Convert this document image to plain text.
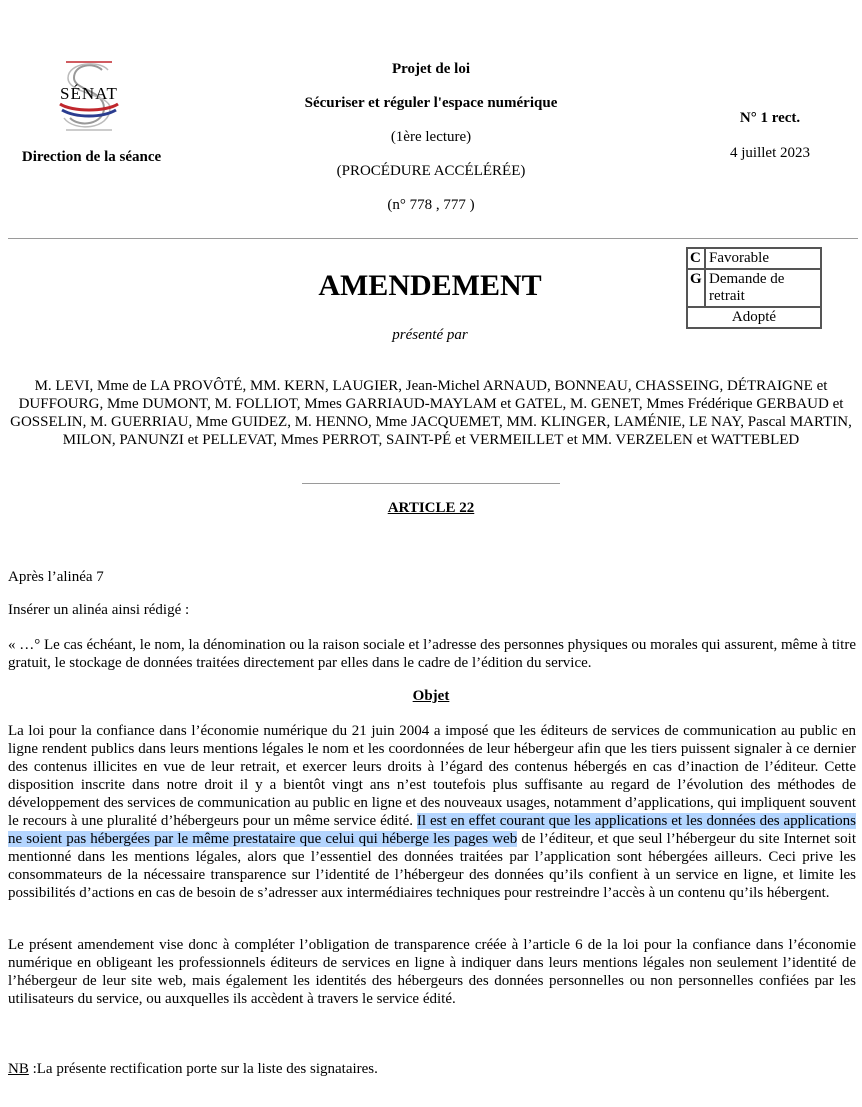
SÉNAT
Direction de la séance
Projet de loi
Sécuriser et réguler l'espace numérique
(1ère lecture)
(PROCÉDURE ACCÉLÉRÉE)
(n° 778 , 777 )
N° 1 rect.
4 juillet 2023
C	Favorable
G	Demande de retrait
Adopté	
AMENDEMENT
présenté par
M. LEVI, Mme de LA PROVÔTÉ, MM. KERN, LAUGIER, Jean-Michel ARNAUD, BONNEAU, CHASSEING, DÉTRAIGNE et DUFFOURG, Mme DUMONT, M. FOLLIOT, Mmes GARRIAUD-MAYLAM et GATEL, M. GENET, Mmes Frédérique GERBAUD et GOSSELIN, M. GUERRIAU, Mme GUIDEZ, M. HENNO, Mme JACQUEMET, MM. KLINGER, LAMÉNIE, LE NAY, Pascal MARTIN, MILON, PANUNZI et PELLEVAT, Mmes PERROT, SAINT-PÉ et VERMEILLET et MM. VERZELEN et WATTEBLED
ARTICLE 22
Après l’alinéa 7
Insérer un alinéa ainsi rédigé :
« …° Le cas échéant, le nom, la dénomination ou la raison sociale et l’adresse des personnes physiques ou morales qui assurent, même à titre gratuit, le stockage de données traitées directement par elles dans le cadre de l’édition du service.
Objet
La loi pour la confiance dans l’économie numérique du 21 juin 2004 a imposé que les éditeurs de services de communication au public en ligne rendent publics dans leurs mentions légales le nom et les coordonnées de leur hébergeur afin que les tiers puissent signaler à ce dernier des contenus illicites en vue de leur retrait, et exercer leurs droits à l’égard des contenus hébergés en cas d’inaction de l’éditeur. Cette disposition inscrite dans notre droit il y a bientôt vingt ans n’est toutefois plus suffisante au regard de l’évolution des méthodes de développement des services de communication au public en ligne et des nouveaux usages, notamment d’applications, qui impliquent souvent le recours à une pluralité d’hébergeurs pour un même service édité. Il est en effet courant que les applications et les données des applications ne soient pas hébergées par le même prestataire que celui qui héberge les pages web de l’éditeur, et que seul l’hébergeur du site Internet soit mentionné dans les mentions légales, alors que l’essentiel des données traitées par l’application sont hébergées ailleurs. Ceci prive les consommateurs de la nécessaire transparence sur l’identité de l’hébergeur des données qu’ils confient à un service en ligne, et limite les possibilités d’actions en cas de besoin de s’adresser aux intermédiaires techniques pour restreindre l’accès à un contenu qu’ils hébergent.
Le présent amendement vise donc à compléter l’obligation de transparence créée à l’article 6 de la loi pour la confiance dans l’économie numérique en obligeant les professionnels éditeurs de services en ligne à indiquer dans leurs mentions légales non seulement l’identité de l’hébergeur de leur site web, mais également les identités des hébergeurs des données personnelles ou non personnelles confiées par les utilisateurs du service, ou auxquelles ils accèdent à travers le service édité.
NB :La présente rectification porte sur la liste des signataires.
